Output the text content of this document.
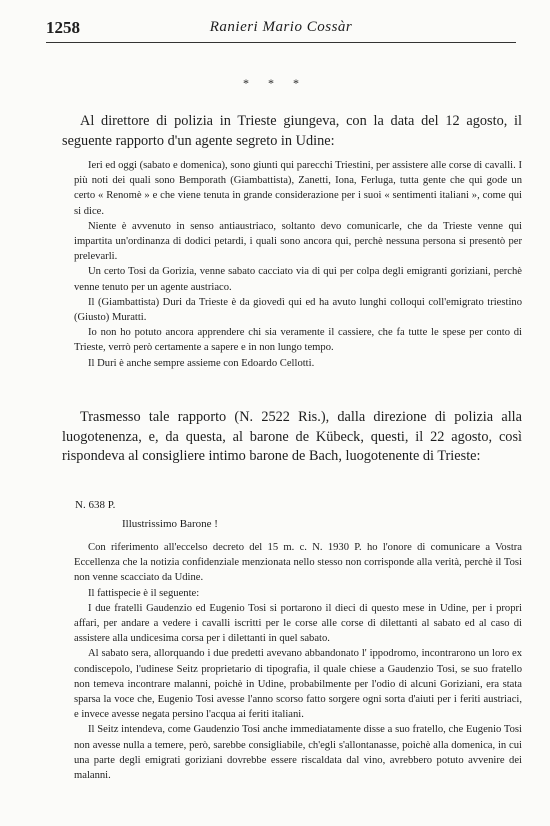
1258	Ranieri Mario Cossàr
* * *

Al direttore di polizia in Trieste giungeva, con la data del 12 agosto, il seguente rapporto d'un agente segreto in Udine:

Ieri ed oggi (sabato e domenica), sono giunti qui parecchi Triestini, per assistere alle corse di cavalli. I più noti dei quali sono Bemporath (Giambattista), Zanetti, Iona, Ferluga, tutta gente che qui gode un certo « Renomè » e che viene tenuta in grande considerazione per i suoi « sentimenti italiani », come qui si dice.

Niente è avvenuto in senso antiaustriaco, soltanto devo comunicarle, che da Trieste venne qui impartita un'ordinanza di dodici petardi, i quali sono ancora qui, perchè nessuna persona si presentò per prelevarli.

Un certo Tosi da Gorizia, venne sabato cacciato via di qui per colpa degli emigranti goriziani, perchè venne tenuto per un agente austriaco.

Il (Giambattista) Duri da Trieste è da giovedì qui ed ha avuto lunghi colloqui coll'emigrato triestino (Giusto) Muratti.

Io non ho potuto ancora apprendere chi sia veramente il cassiere, che fa tutte le spese per conto di Trieste, verrò però certamente a sapere e in non lungo tempo.

Il Duri è anche sempre assieme con Edoardo Cellotti.

Trasmesso tale rapporto (N. 2522 Ris.), dalla direzione di polizia alla luogotenenza, e, da questa, al barone de Kübeck, questi, il 22 agosto, così rispondeva al consigliere intimo barone de Bach, luogotenente di Trieste:

N. 638 P.
Illustrissimo Barone !

Con riferimento all'eccelso decreto del 15 m. c. N. 1930 P. ho l'onore di comunicare a Vostra Eccellenza che la notizia confidenziale menzionata nello stesso non corrisponde alla verità, perchè il Tosi non venne scacciato da Udine.

Il fattispecie è il seguente:

I due fratelli Gaudenzio ed Eugenio Tosi si portarono il dieci di questo mese in Udine, per i propri affari, per andare a vedere i cavalli iscritti per le corse alle corse di dilettanti al sabato ed al caso di assistere alla undicesima corsa per i dilettanti in quel sabato.

Al sabato sera, allorquando i due predetti avevano abbandonato l' ippodromo, incontrarono un loro ex condiscepolo, l'udinese Seitz proprietario di tipografia, il quale chiese a Gaudenzio Tosi, se suo fratello non temeva incontrare malanni, poichè in Udine, probabilmente per l'odio di alcuni Goriziani, era stata sparsa la voce che, Eugenio Tosi avesse l'anno scorso fatto sorgere ogni sorta d'aiuti per i feriti austriaci, e invece avesse negata persino l'acqua ai feriti italiani.

Il Seitz intendeva, come Gaudenzio Tosi anche immediatamente disse a suo fratello, che Eugenio Tosi non avesse nulla a temere, però, sarebbe consigliabile, ch'egli s'allontanasse, poichè alla domenica, in cui una parte degli emigrati goriziani dovrebbe essere riscaldata dal vino, avrebbero potuto avvenire dei malanni.
